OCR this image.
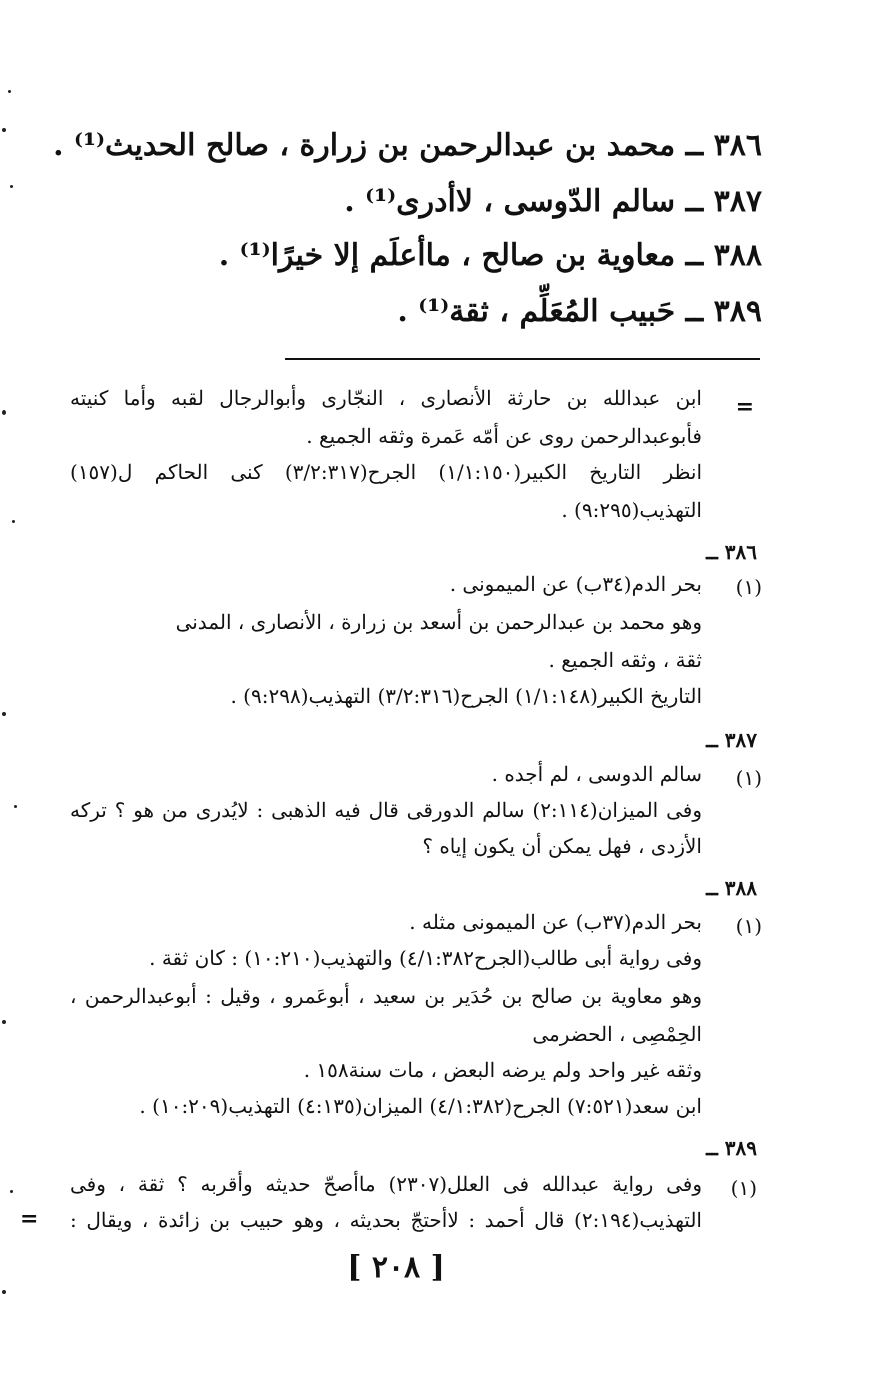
٣٨٦ ــ محمد بن عبدالرحمن بن زرارة ، صالح الحديث⁽¹⁾ .
٣٨٧ ــ سالم الدّوسى ، لاأدرى⁽¹⁾ .
٣٨٨ ــ معاوية بن صالح ، ماأعلَم إلا خيرًا⁽¹⁾ .
٣٨٩ ــ حَبيب المُعَلِّم ، ثقة⁽¹⁾ .
=
ابن عبدالله بن حارثة الأنصارى ، النجّارى وأبوالرجال لقبه وأما كنيته
فأبوعبدالرحمن روى عن أمّه عَمرة وثقه الجميع .
انظر التاريخ الكبير(١/١:١٥٠) الجرح(٣/٢:٣١٧) كنى الحاكم ل(١٥٧)
التهذيب(٩:٢٩٥) .
٣٨٦ ــ
(١)
بحر الدم(٣٤ب) عن الميمونى .
وهو محمد بن عبدالرحمن بن أسعد بن زرارة ، الأنصارى ، المدنى
ثقة ، وثقه الجميع .
التاريخ الكبير(١/١:١٤٨) الجرح(٣/٢:٣١٦) التهذيب(٩:٢٩٨) .
٣٨٧ ــ
(١)
سالم الدوسى ، لم أجده .
وفى الميزان(٢:١١٤) سالم الدورقى قال فيه الذهبى : لايُدرى من هو ؟ تركه
الأزدى ، فهل يمكن أن يكون إياه ؟
٣٨٨ ــ
(١)
بحر الدم(٣٧ب) عن الميمونى مثله .
وفى رواية أبى طالب(الجرح٤/١:٣٨٢) والتهذيب(١٠:٢١٠) : كان ثقة .
وهو معاوية بن صالح بن حُدَير بن سعيد ، أبوعَمرو ، وقيل : أبوعبدالرحمن ،
الحِمْصِى ، الحضرمى
وثقه غير واحد ولم يرضه البعض ، مات سنة١٥٨ .
ابن سعد(٧:٥٢١) الجرح(٤/١:٣٨٢) الميزان(٤:١٣٥) التهذيب(١٠:٢٠٩) .
٣٨٩ ــ
(١)
وفى رواية عبدالله فى العلل(٢٣٠٧) ماأصحّ حديثه وأقربه ؟ ثقة ، وفى
التهذيب(٢:١٩٤) قال أحمد : لاأحتجّ بحديثه ، وهو حبيب بن زائدة ، ويقال :
=
[ ٢٠٨ ]
